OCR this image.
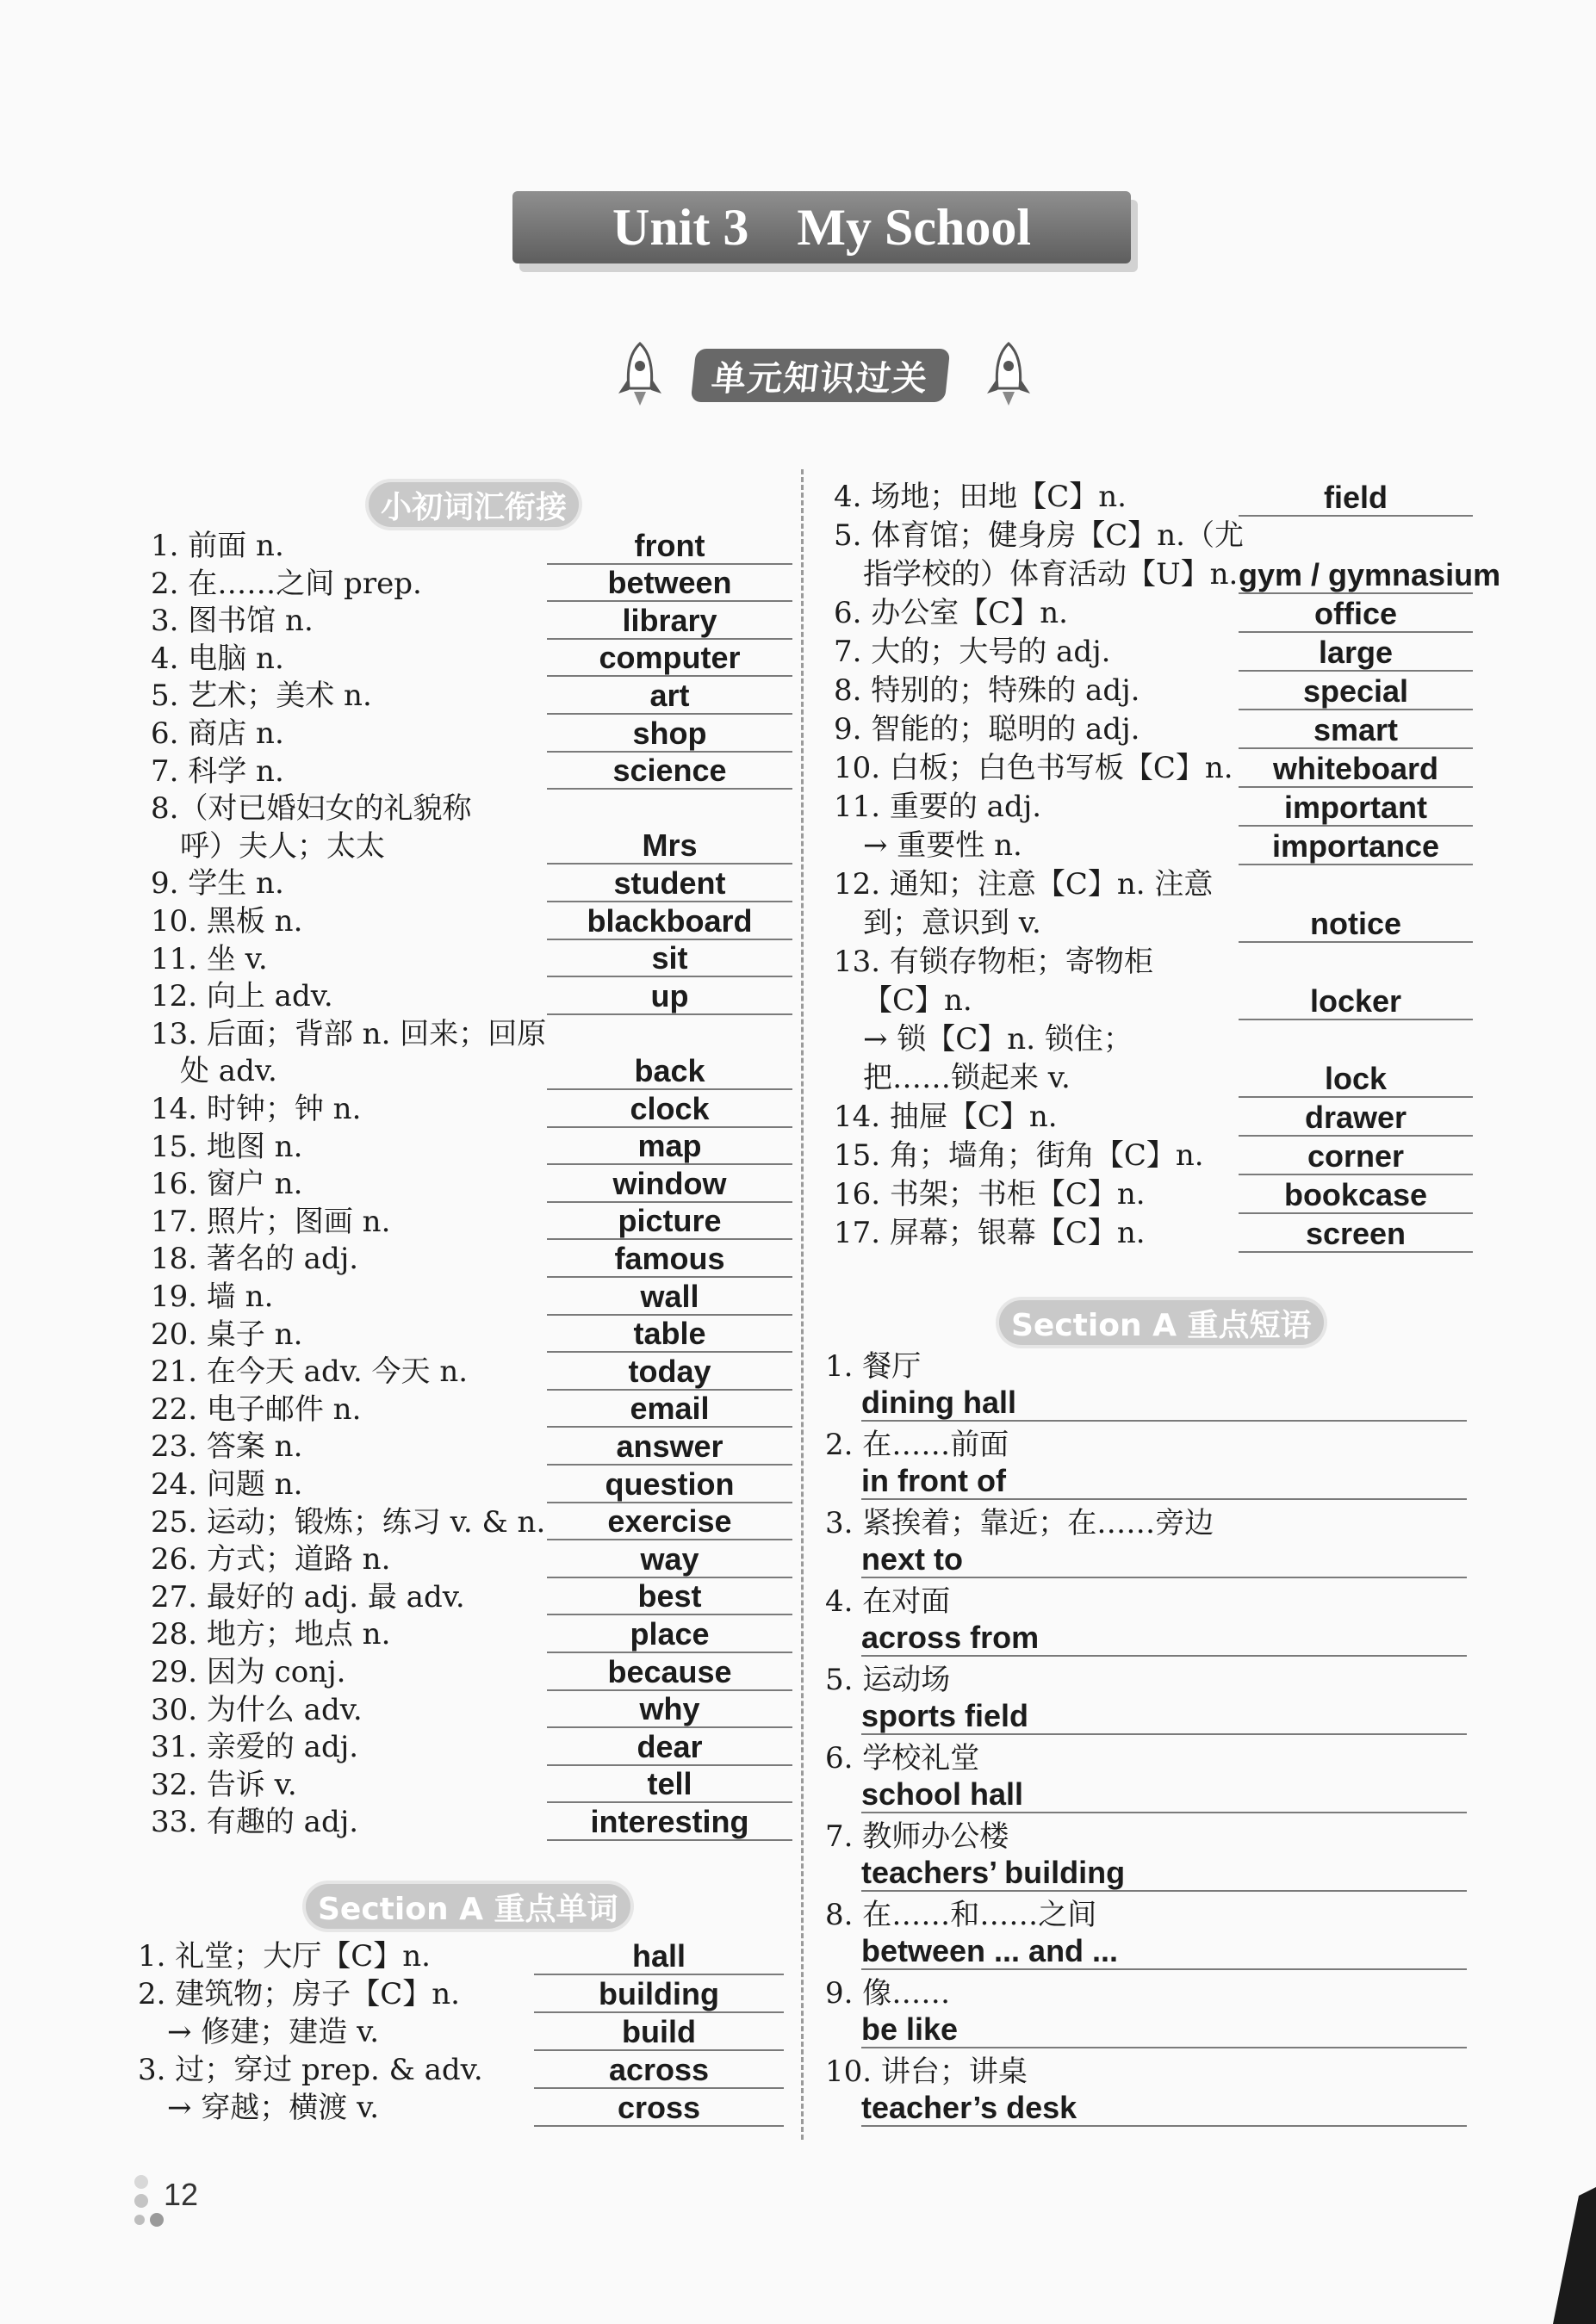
Unit 3 My School
单元知识过关
小初词汇衔接
Section A 重点单词
Section A 重点短语
1. 前面 n.	front
2. 在……之间 prep.	between
3. 图书馆 n.	library
4. 电脑 n.	computer
5. 艺术；美术 n.	art
6. 商店 n.	shop
7. 科学 n.	science
8.（对已婚妇女的礼貌称
呼）夫人；太太	Mrs
9. 学生 n.	student
10. 黑板 n.	blackboard
11. 坐 v.	sit
12. 向上 adv.	up
13. 后面；背部 n. 回来；回原
处 adv.	back
14. 时钟；钟 n.	clock
15. 地图 n.	map
16. 窗户 n.	window
17. 照片；图画 n.	picture
18. 著名的 adj.	famous
19. 墙 n.	wall
20. 桌子 n.	table
21. 在今天 adv. 今天 n.	today
22. 电子邮件 n.	email
23. 答案 n.	answer
24. 问题 n.	question
25. 运动；锻炼；练习 v. & n.	exercise
26. 方式；道路 n.	way
27. 最好的 adj. 最 adv.	best
28. 地方；地点 n.	place
29. 因为 conj.	because
30. 为什么 adv.	why
31. 亲爱的 adj.	dear
32. 告诉 v.	tell
33. 有趣的 adj.	interesting
1. 礼堂；大厅【C】n.	hall
2. 建筑物；房子【C】n.	building
　→ 修建；建造 v.	build
3. 过；穿过 prep. & adv.	across
　→ 穿越；横渡 v.	cross
4. 场地；田地【C】n.	field
5. 体育馆；健身房【C】n.（尤
指学校的）体育活动【U】n. gym / gymnasium
6. 办公室【C】n.	office
7. 大的；大号的 adj.	large
8. 特别的；特殊的 adj.	special
9. 智能的；聪明的 adj.	smart
10. 白板；白色书写板【C】n.	whiteboard
11. 重要的 adj.	important
　→ 重要性 n.	importance
12. 通知；注意【C】n. 注意
到；意识到 v.	notice
13. 有锁存物柜；寄物柜
【C】n.	locker
　→ 锁【C】n. 锁住；
把……锁起来 v.	lock
14. 抽屉【C】n.	drawer
15. 角；墙角；街角【C】n.	corner
16. 书架；书柜【C】n.	bookcase
17. 屏幕；银幕【C】n.	screen
1. 餐厅
dining hall
2. 在……前面
in front of
3. 紧挨着；靠近；在……旁边
next to
4. 在对面
across from
5. 运动场
sports field
6. 学校礼堂
school hall
7. 教师办公楼
teachers’ building
8. 在……和……之间
between ... and ...
9. 像……
be like
10. 讲台；讲桌
teacher’s desk
12
